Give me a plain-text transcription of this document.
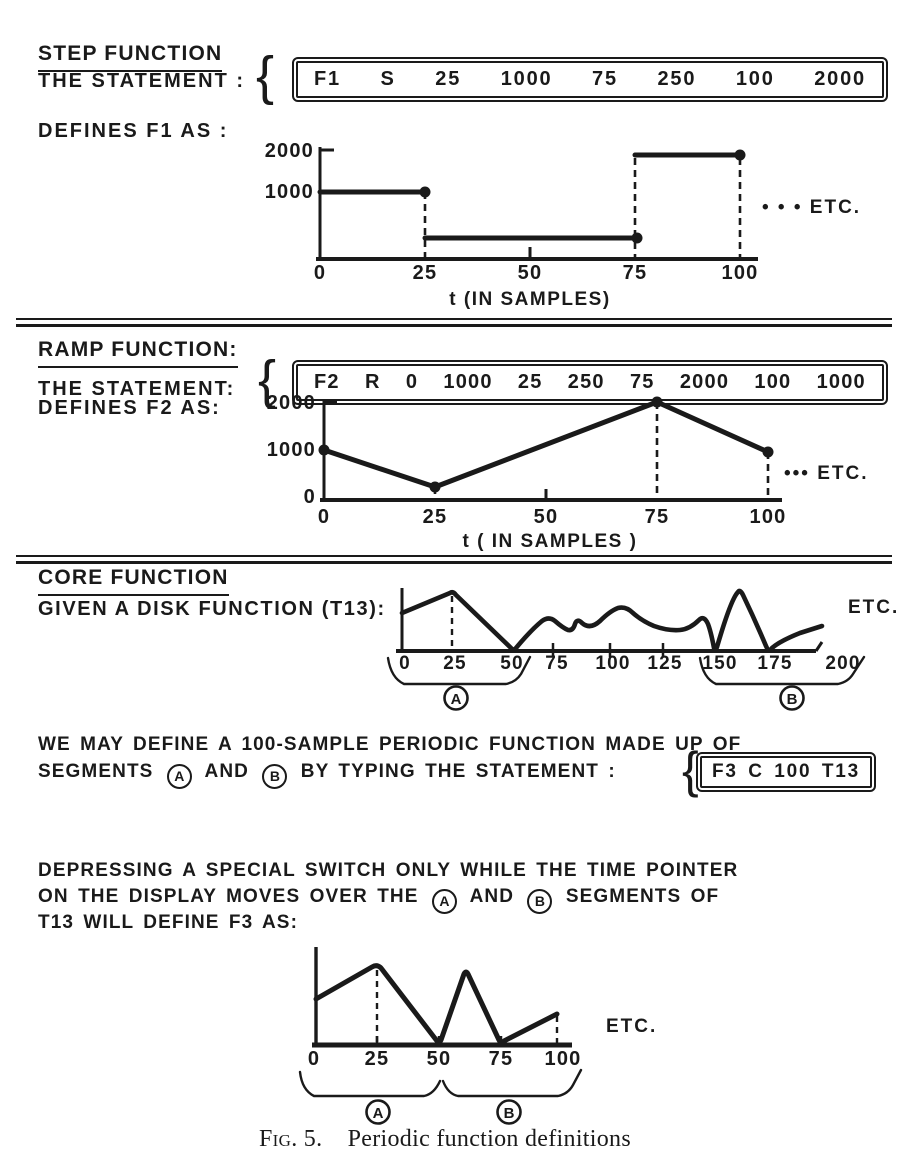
STEP FUNCTION
THE STATEMENT : { F1 S 25 1000 75 250 100 2000
DEFINES F1 AS :
2000
1000
0	25	50	75	100
• • • ETC.
t (IN SAMPLES)
RAMP FUNCTION:
THE STATEMENT: { F2 R 0 1000 25 250 75 2000 100 1000
DEFINES F2 AS:	2000
1000
0
0	25	50	75	100
••• ETC.
t ( IN SAMPLES )
CORE FUNCTION
GIVEN A DISK FUNCTION (T13):
A	B
0	25	50	75	100 125	150	175	200
ETC.
WE MAY DEFINE A 100-SAMPLE PERIODIC FUNCTION MADE UP OF
SEGMENTS A AND B BY TYPING THE STATEMENT : { F3 C 100 T13
DEPRESSING A SPECIAL SWITCH ONLY WHILE THE TIME POINTER
ON THE DISPLAY MOVES OVER THE A AND B SEGMENTS OF
T13 WILL DEFINE F3 AS:
A	B
0	25	50	75	100
ETC.
Fig. 5. Periodic function definitions
